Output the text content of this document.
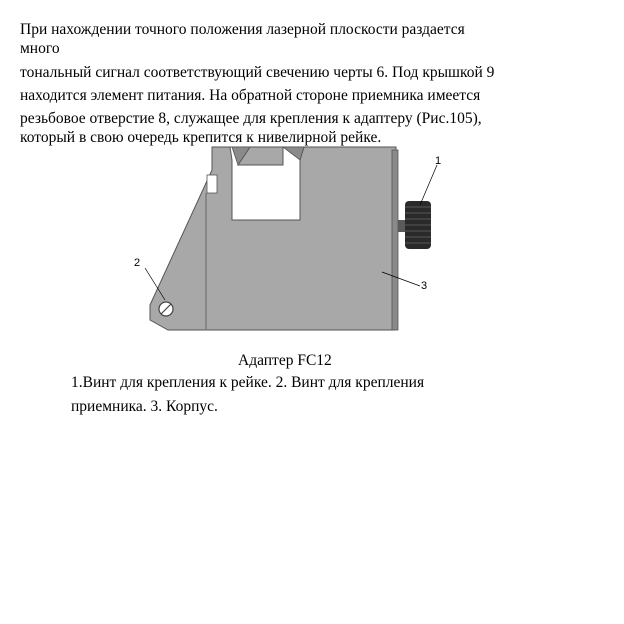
При нахождении точного положения лазерной плоскости раздается
много
тональный сигнал соответствующий свечению черты 6. Под крышкой 9
находится элемент питания. На обратной стороне приемника имеется
резьбовое отверстие 8, служащее для крепления к адаптеру (Рис.105),
который в свою очередь крепится к нивелирной рейке.
1
2
3
Адаптер FC12
1.Винт для крепления к рейке. 2. Винт для крепления
приемника. 3. Корпус.
